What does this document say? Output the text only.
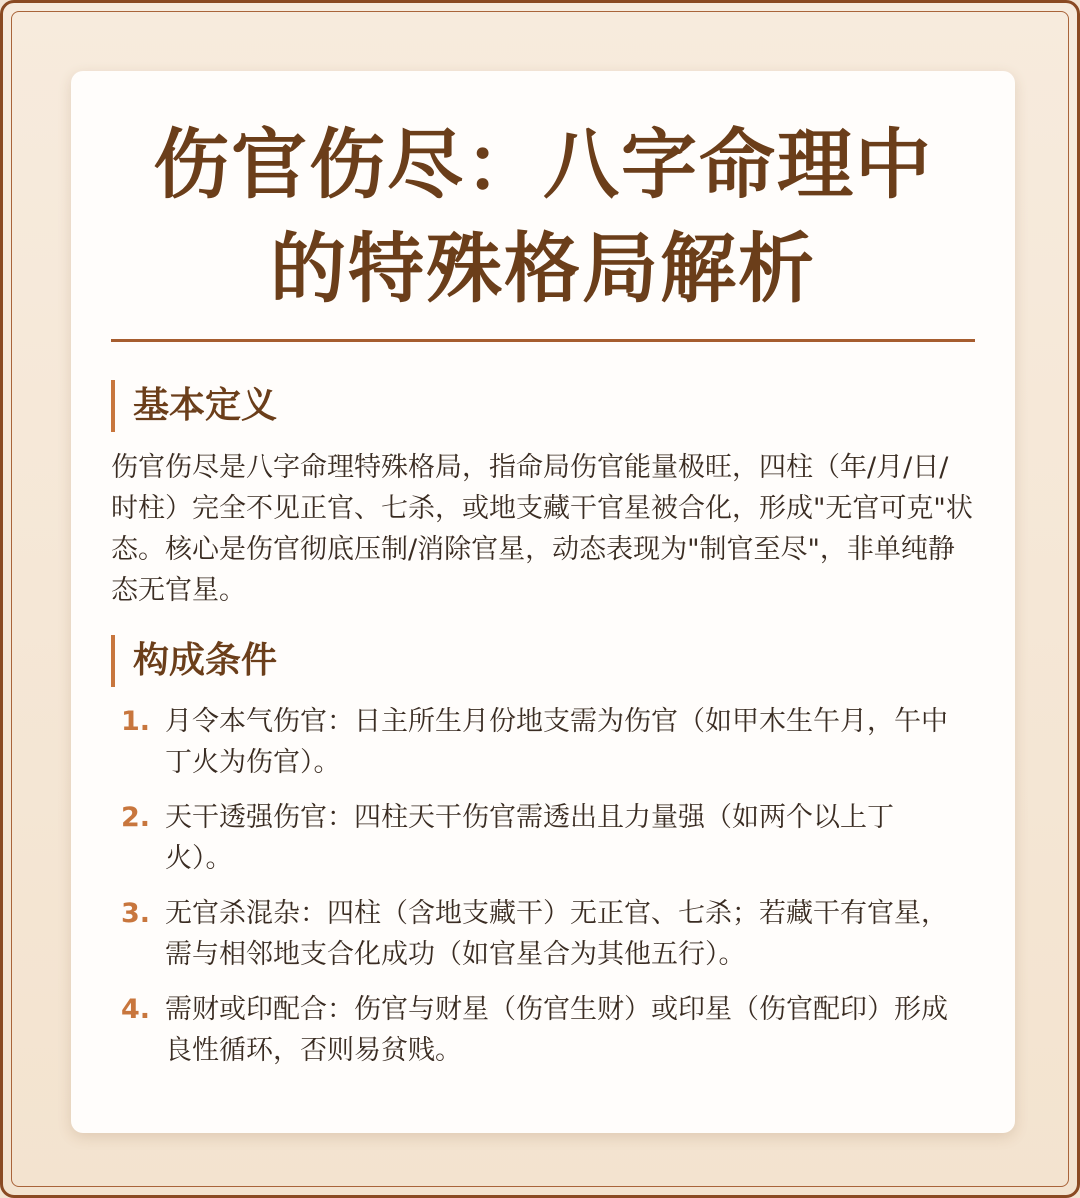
伤官伤尽：八字命理中
的特殊格局解析
基本定义

伤官伤尽是八字命理特殊格局，指命局伤官能量极旺，四柱（年/月/日/时柱）完全不见正官、七杀，或地支藏干官星被合化，形成"无官可克"状态。核心是伤官彻底压制/消除官星，动态表现为"制官至尽"，非单纯静态无官星。

构成条件
1. 月令本气伤官：日主所生月份地支需为伤官（如甲木生午月，午中丁火为伤官）。
2. 天干透强伤官：四柱天干伤官需透出且力量强（如两个以上丁火）。
3. 无官杀混杂：四柱（含地支藏干）无正官、七杀；若藏干有官星，需与相邻地支合化成功（如官星合为其他五行）。
4. 需财或印配合：伤官与财星（伤官生财）或印星（伤官配印）形成良性循环，否则易贫贱。
